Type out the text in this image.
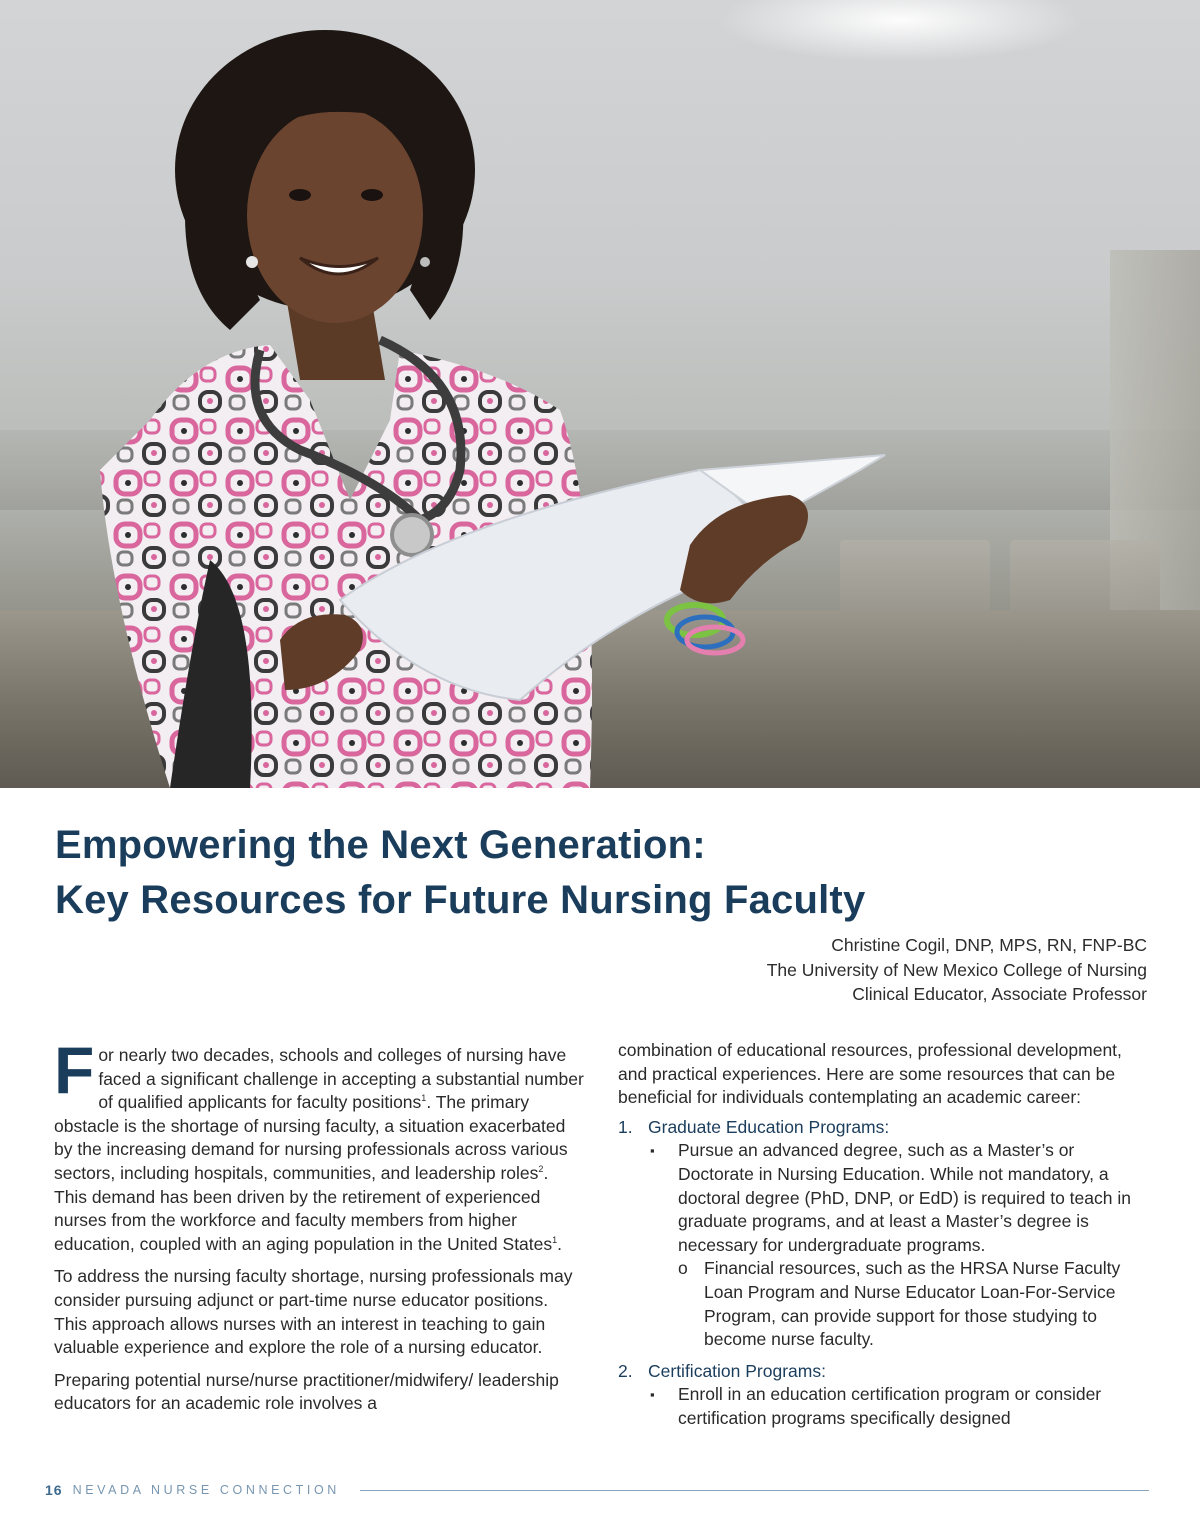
Empowering the Next Generation:
Key Resources for Future Nursing Faculty
Christine Cogil, DNP, MPS, RN, FNP-BC
The University of New Mexico College of Nursing
Clinical Educator, Associate Professor

For nearly two decades, schools and colleges of nursing have faced a significant challenge in accepting a substantial number of qualified applicants for faculty positions$^1$. The primary obstacle is the shortage of nursing faculty, a situation exacerbated by the increasing demand for nursing professionals across various sectors, including hospitals, communities, and leadership roles$^2$. This demand has been driven by the retirement of experienced nurses from the workforce and faculty members from higher education, coupled with an aging population in the United States$^1$.

To address the nursing faculty shortage, nursing professionals may consider pursuing adjunct or part-time nurse educator positions. This approach allows nurses with an interest in teaching to gain valuable experience and explore the role of a nursing educator.

Preparing potential nurse/nurse practitioner/midwifery/ leadership educators for an academic role involves a

combination of educational resources, professional development, and practical experiences. Here are some resources that can be beneficial for individuals contemplating an academic career:

1. Graduate Education Programs:
▪	Pursue an advanced degree, such as a Master’s or Doctorate in Nursing Education. While not mandatory, a doctoral degree (PhD, DNP, or EdD) is required to teach in graduate programs, and at least a Master’s degree is necessary for undergraduate programs.
o Financial resources, such as the HRSA Nurse Faculty Loan Program and Nurse Educator Loan-For-Service Program, can provide support for those studying to become nurse faculty.
2. Certification Programs:
▪	Enroll in an education certification program or consider certification programs specifically designed
16 NEVADA NURSE CONNECTION
